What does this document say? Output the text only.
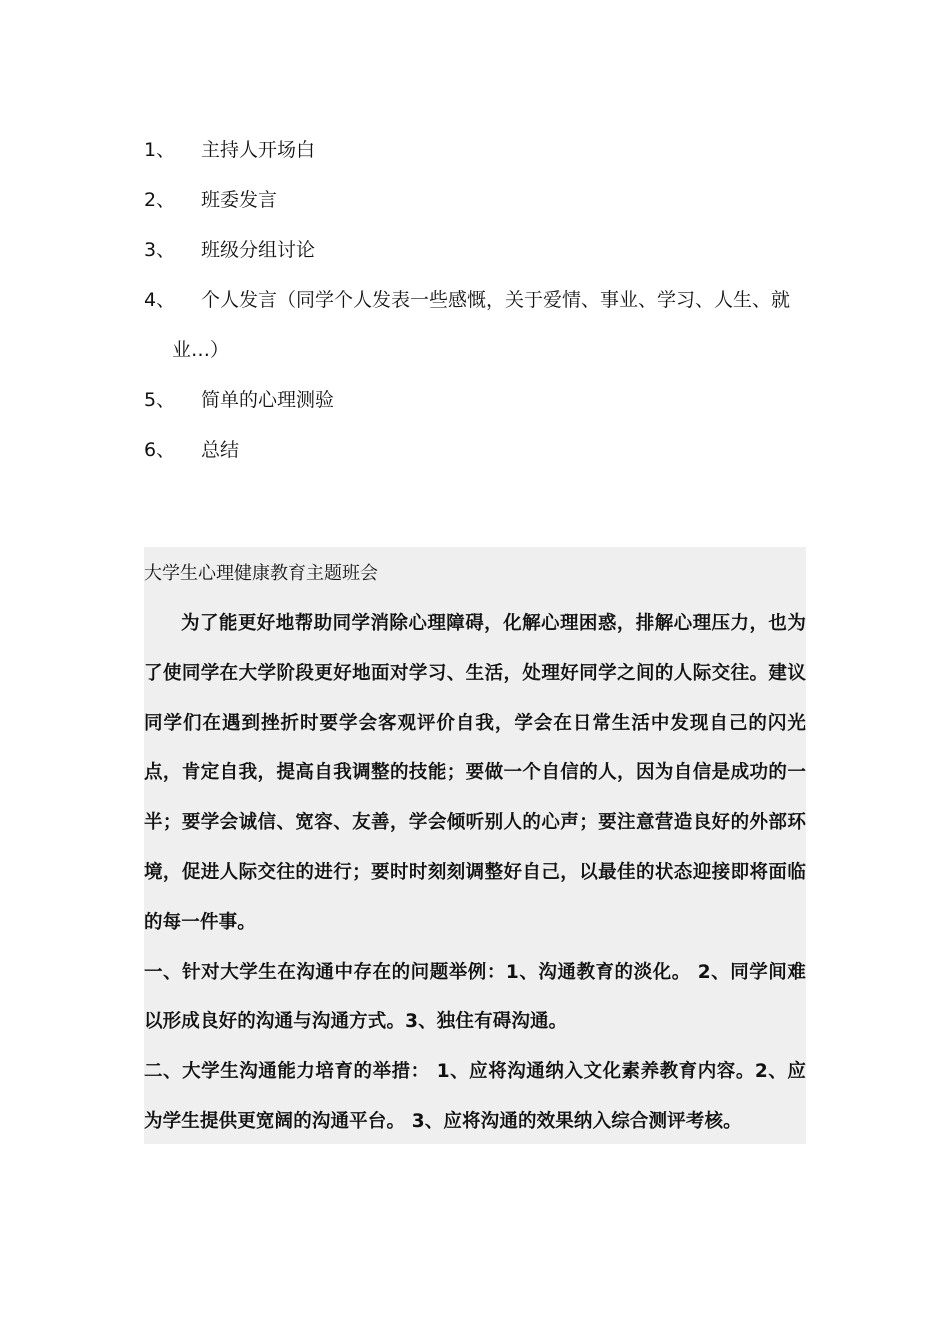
1、	主持人开场白
2、	班委发言
3、	班级分组讨论
4、	个人发言（同学个人发表一些感慨，关于爱情、事业、学习、人生、就业…）
5、	简单的心理测验
6、	总结
大学生心理健康教育主题班会

为了能更好地帮助同学消除心理障碍，化解心理困惑，排解心理压力，也为了使同学在大学阶段更好地面对学习、生活，处理好同学之间的人际交往。建议同学们在遇到挫折时要学会客观评价自我，学会在日常生活中发现自己的闪光点，肯定自我，提高自我调整的技能；要做一个自信的人，因为自信是成功的一半；要学会诚信、宽容、友善，学会倾听别人的心声；要注意营造良好的外部环境，促进人际交往的进行；要时时刻刻调整好自己，以最佳的状态迎接即将面临的每一件事。

一、针对大学生在沟通中存在的问题举例：1、沟通教育的淡化。 2、同学间难以形成良好的沟通与沟通方式。3、独住有碍沟通。

二、大学生沟通能力培育的举措： 1、应将沟通纳入文化素养教育内容。2、应为学生提供更宽阔的沟通平台。 3、应将沟通的效果纳入综合测评考核。
